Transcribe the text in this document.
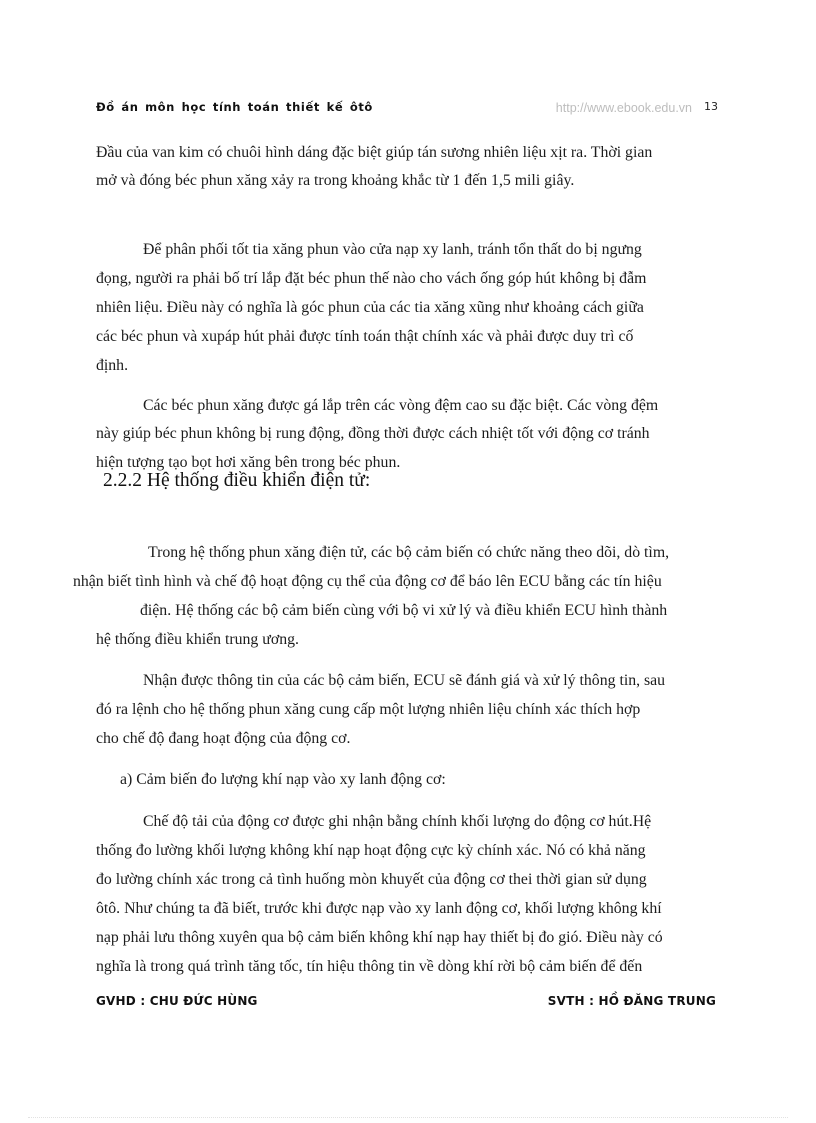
Đồ án môn học tính toán thiết kế ôtô	http://www.ebook.edu.vn 13
Đầu của van kim có chuôi hình dáng đặc biệt giúp tán sương nhiên liệu xịt ra. Thời gian
mở và đóng béc phun xăng xảy ra trong khoảng khắc từ 1 đến 1,5 mili giây.
Để phân phối tốt tia xăng phun vào cửa nạp xy lanh, tránh tổn thất do bị ngưng
đọng, người ra phải bố trí lắp đặt béc phun thế nào cho vách ống góp hút không bị đẫm
nhiên liệu. Điều này có nghĩa là góc phun của các tia xăng xũng như khoảng cách giữa
các béc phun và xupáp hút phải được tính toán thật chính xác và phải được duy trì cố
định.
Các béc phun xăng được gá lắp trên các vòng đệm cao su đặc biệt. Các vòng đệm
này giúp béc phun không bị rung động, đồng thời được cách nhiệt tốt với động cơ tránh
hiện tượng tạo bọt hơi xăng bên trong béc phun.
2.2.2 Hệ thống điều khiển điện tử:
Trong hệ thống phun xăng điện tử, các bộ cảm biến có chức năng theo dõi, dò tìm,
nhận biết tình hình và chế độ hoạt động cụ thể của động cơ để báo lên ECU bằng các tín hiệu
điện. Hệ thống các bộ cảm biến cùng với bộ vi xử lý và điều khiển ECU hình thành
hệ thống điều khiển trung ương.
Nhận được thông tin của các bộ cảm biến, ECU sẽ đánh giá và xử lý thông tin, sau
đó ra lệnh cho hệ thống phun xăng cung cấp một lượng nhiên liệu chính xác thích hợp
cho chế độ đang hoạt động của động cơ.
a) Cảm biến đo lượng khí nạp vào xy lanh động cơ:
Chế độ tải của động cơ được ghi nhận bằng chính khối lượng do động cơ hút.Hệ
thống đo lường khối lượng không khí nạp hoạt động cực kỳ chính xác. Nó có khả năng
đo lường chính xác trong cả tình huống mòn khuyết của động cơ thei thời gian sử dụng
ôtô. Như chúng ta đã biết, trước khi được nạp vào xy lanh động cơ, khối lượng không khí
nạp phải lưu thông xuyên qua bộ cảm biến không khí nạp hay thiết bị đo gió. Điều này có
nghĩa là trong quá trình tăng tốc, tín hiệu thông tin về dòng khí rời bộ cảm biến để đến
GVHD : CHU ĐỨC HÙNG	SVTH : HỒ ĐĂNG TRUNG
